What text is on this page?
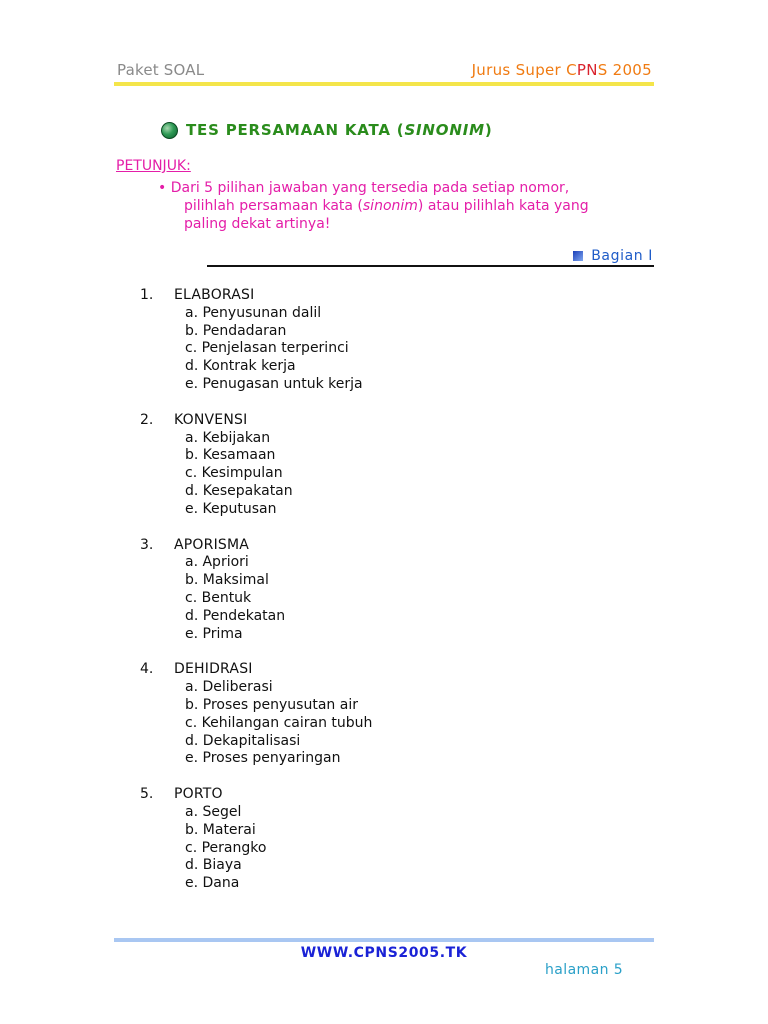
Paket SOAL	Jurus Super CPNS 2005
TES PERSAMAAN KATA (SINONIM)
PETUNJUK:
• Dari 5 pilihan jawaban yang tersedia pada setiap nomor,
pilihlah persamaan kata (sinonim) atau pilihlah kata yang
paling dekat artinya!
Bagian I
1.	ELABORASI
a. Penyusunan dalil
b. Pendadaran
c. Penjelasan terperinci
d. Kontrak kerja
e. Penugasan untuk kerja
2.	KONVENSI
a. Kebijakan
b. Kesamaan
c. Kesimpulan
d. Kesepakatan
e. Keputusan
3.	APORISMA
a. Apriori
b. Maksimal
c. Bentuk
d. Pendekatan
e. Prima
4.	DEHIDRASI
a. Deliberasi
b. Proses penyusutan air
c. Kehilangan cairan tubuh
d. Dekapitalisasi
e. Proses penyaringan
5.	PORTO
a. Segel
b. Materai
c. Perangko
d. Biaya
e. Dana
WWW.CPNS2005.TK
halaman 5
